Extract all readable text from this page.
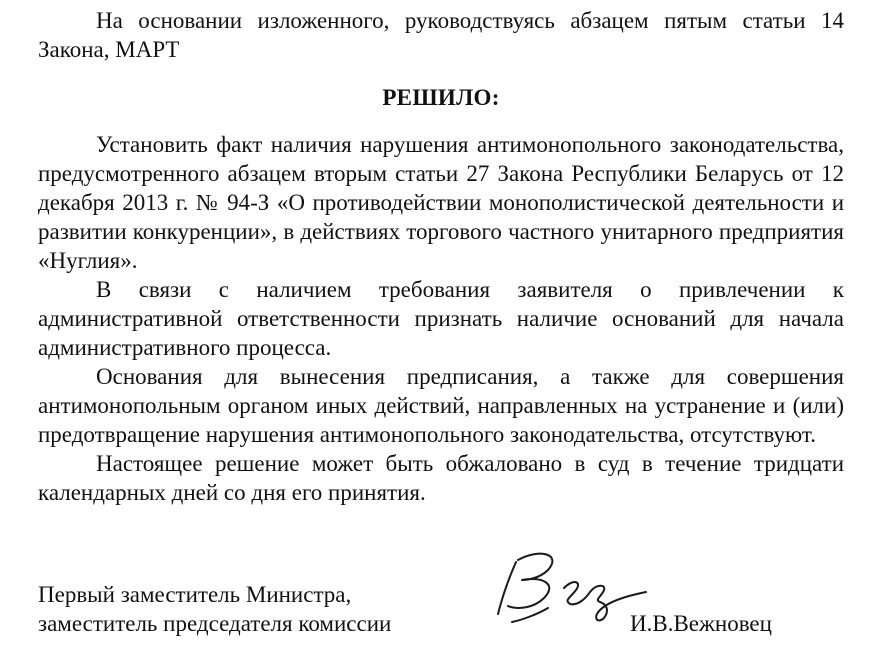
На основании изложенного, руководствуясь абзацем пятым статьи 14 Закона, МАРТ

РЕШИЛО:

Установить факт наличия нарушения антимонопольного законодательства, предусмотренного абзацем вторым статьи 27 Закона Республики Беларусь от 12 декабря 2013 г. № 94-З «О противодействии монополистической деятельности и развитии конкуренции», в действиях торгового частного унитарного предприятия «Нуглия».

В связи с наличием требования заявителя о привлечении к административной ответственности признать наличие оснований для начала административного процесса.

Основания для вынесения предписания, а также для совершения антимонопольным органом иных действий, направленных на устранение и (или) предотвращение нарушения антимонопольного законодательства, отсутствуют.

Настоящее решение может быть обжаловано в суд в течение тридцати календарных дней со дня его принятия.

Первый заместитель Министра,
заместитель председателя комиссии	И.В.Вежновец
